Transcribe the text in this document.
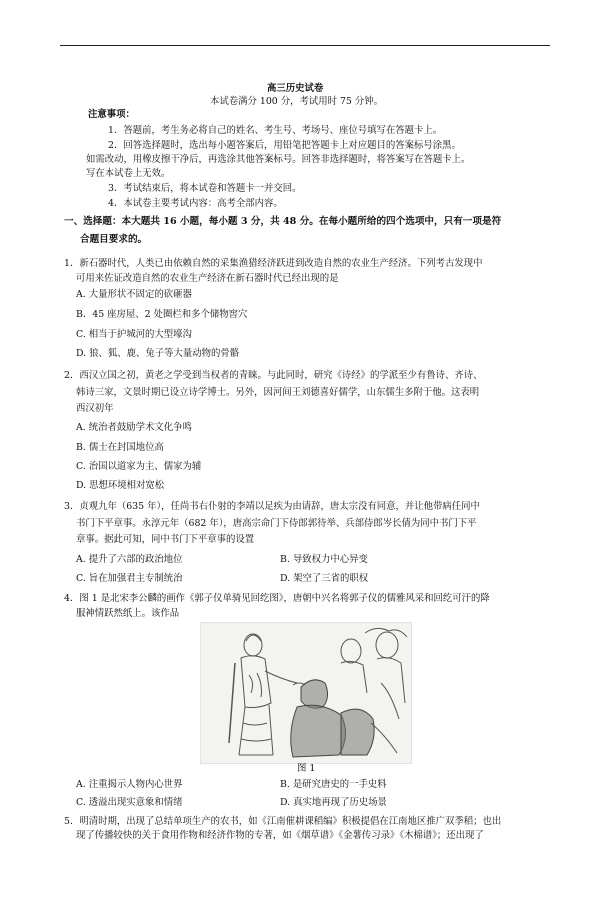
高三历史试卷
本试卷满分 100 分，考试用时 75 分钟。
注意事项：
1．答题前，考生务必将自己的姓名、考生号、考场号、座位号填写在答题卡上。
2．回答选择题时，选出每小题答案后，用铅笔把答题卡上对应题目的答案标号涂黑。
如需改动，用橡皮擦干净后，再选涂其他答案标号。回答非选择题时，将答案写在答题卡上。
写在本试卷上无效。
3．考试结束后，将本试卷和答题卡一并交回。
4．本试卷主要考试内容：高考全部内容。
一、选择题：本大题共 16 小题，每小题 3 分，共 48 分。在每小题所给的四个选项中，只有一项是符
合题目要求的。
1．新石器时代，人类已由依赖自然的采集渔猎经济跃进到改造自然的农业生产经济。下列考古发现中
可用来佐证改造自然的农业生产经济在新石器时代已经出现的是
A. 大量形状不固定的砍砸器
B．45 座房屋、2 处圈栏和多个储物窖穴
C. 相当于护城河的大型壕沟
D. 狼、狐、鹿、兔子等大量动物的骨骼
2．西汉立国之初，黄老之学受到当权者的青睐。与此同时，研究《诗经》的学派至少有鲁诗、齐诗、
韩诗三家，文景时期已设立诗学博士。另外，因河间王刘德喜好儒学，山东儒生多附于他。这表明
西汉初年
A. 统治者鼓励学术文化争鸣
B. 儒士在封国地位高
C. 治国以道家为主、儒家为辅
D. 思想环境相对宽松
3．贞观九年（635 年），任尚书右仆射的李靖以足疾为由请辞，唐太宗没有同意，并让他带病任同中
书门下平章事。永淳元年（682 年），唐高宗命门下侍郎郭待举、兵部侍郎岑长倩为同中书门下平
章事。据此可知，同中书门下平章事的设置
A. 提升了六部的政治地位	B. 导致权力中心异变
C. 旨在加强君主专制统治	D. 架空了三省的职权
4．图 1 是北宋李公麟的画作《郭子仪单骑见回纥图》，唐朝中兴名将郭子仪的儒雅风采和回纥可汗的降
服神情跃然纸上。该作品
图 1
A. 注重揭示人物内心世界	B. 是研究唐史的一手史料
C. 透溢出现实意象和情绪	D. 真实地再现了历史场景
5．明清时期，出现了总结单项生产的农书，如《江南催耕课稻编》积极提倡在江南地区推广双季稻；也出
现了传播较快的关于食用作物和经济作物的专著，如《烟草谱》《金薯传习录》《木棉谱》；还出现了
